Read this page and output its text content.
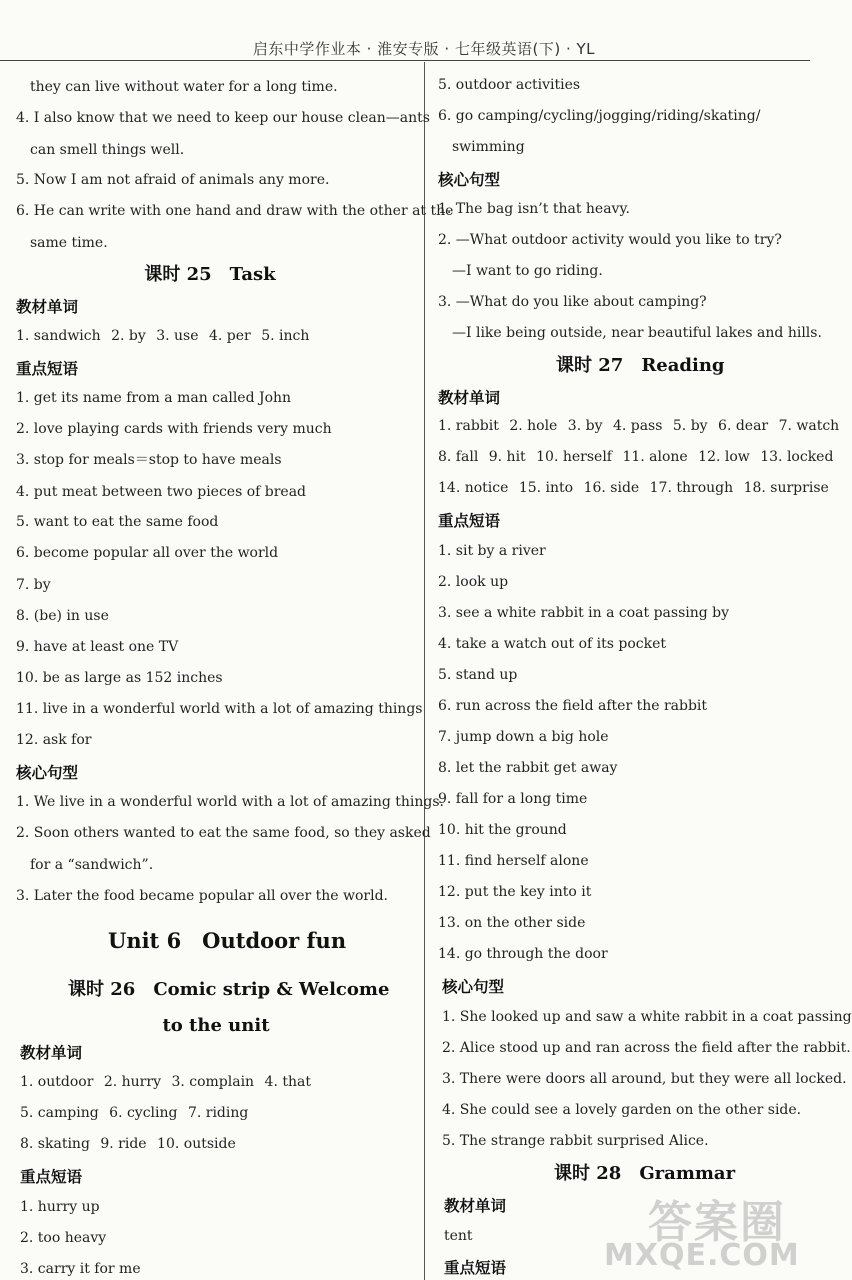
启东中学作业本 · 淮安专版 · 七年级英语(下) · YL
they can live without water for a long time.
4. I also know that we need to keep our house clean—ants
can smell things well.
5. Now I am not afraid of animals any more.
6. He can write with one hand and draw with the other at the
same time.
课时 25　Task
教材单词
1. sandwich 2. by 3. use 4. per 5. inch
重点短语
1. get its name from a man called John
2. love playing cards with friends very much
3. stop for meals＝stop to have meals
4. put meat between two pieces of bread
5. want to eat the same food
6. become popular all over the world
7. by
8. (be) in use
9. have at least one TV
10. be as large as 152 inches
11. live in a wonderful world with a lot of amazing things
12. ask for
核心句型
1. We live in a wonderful world with a lot of amazing things.
2. Soon others wanted to eat the same food, so they asked
for a “sandwich”.
3. Later the food became popular all over the world.
Unit 6　Outdoor fun
课时 26　Comic strip & Welcome
to the unit
教材单词
1. outdoor 2. hurry 3. complain 4. that
5. camping 6. cycling 7. riding
8. skating 9. ride 10. outside
重点短语
1. hurry up
2. too heavy
3. carry it for me
5. outdoor activities
6. go camping/cycling/jogging/riding/skating/
swimming
核心句型
1. The bag isn’t that heavy.
2. —What outdoor activity would you like to try?
—I want to go riding.
3. —What do you like about camping?
—I like being outside, near beautiful lakes and hills.
课时 27　Reading
教材单词
1. rabbit 2. hole 3. by 4. pass 5. by 6. dear 7. watch
8. fall 9. hit 10. herself 11. alone 12. low 13. locked
14. notice 15. into 16. side 17. through 18. surprise
重点短语
1. sit by a river
2. look up
3. see a white rabbit in a coat passing by
4. take a watch out of its pocket
5. stand up
6. run across the field after the rabbit
7. jump down a big hole
8. let the rabbit get away
9. fall for a long time
10. hit the ground
11. find herself alone
12. put the key into it
13. on the other side
14. go through the door
核心句型
1. She looked up and saw a white rabbit in a coat passing
2. Alice stood up and ran across the field after the rabbit.
3. There were doors all around, but they were all locked.
4. She could see a lovely garden on the other side.
5. The strange rabbit surprised Alice.
课时 28　Grammar
教材单词
tent
重点短语
答案圈
MXQE.COM
